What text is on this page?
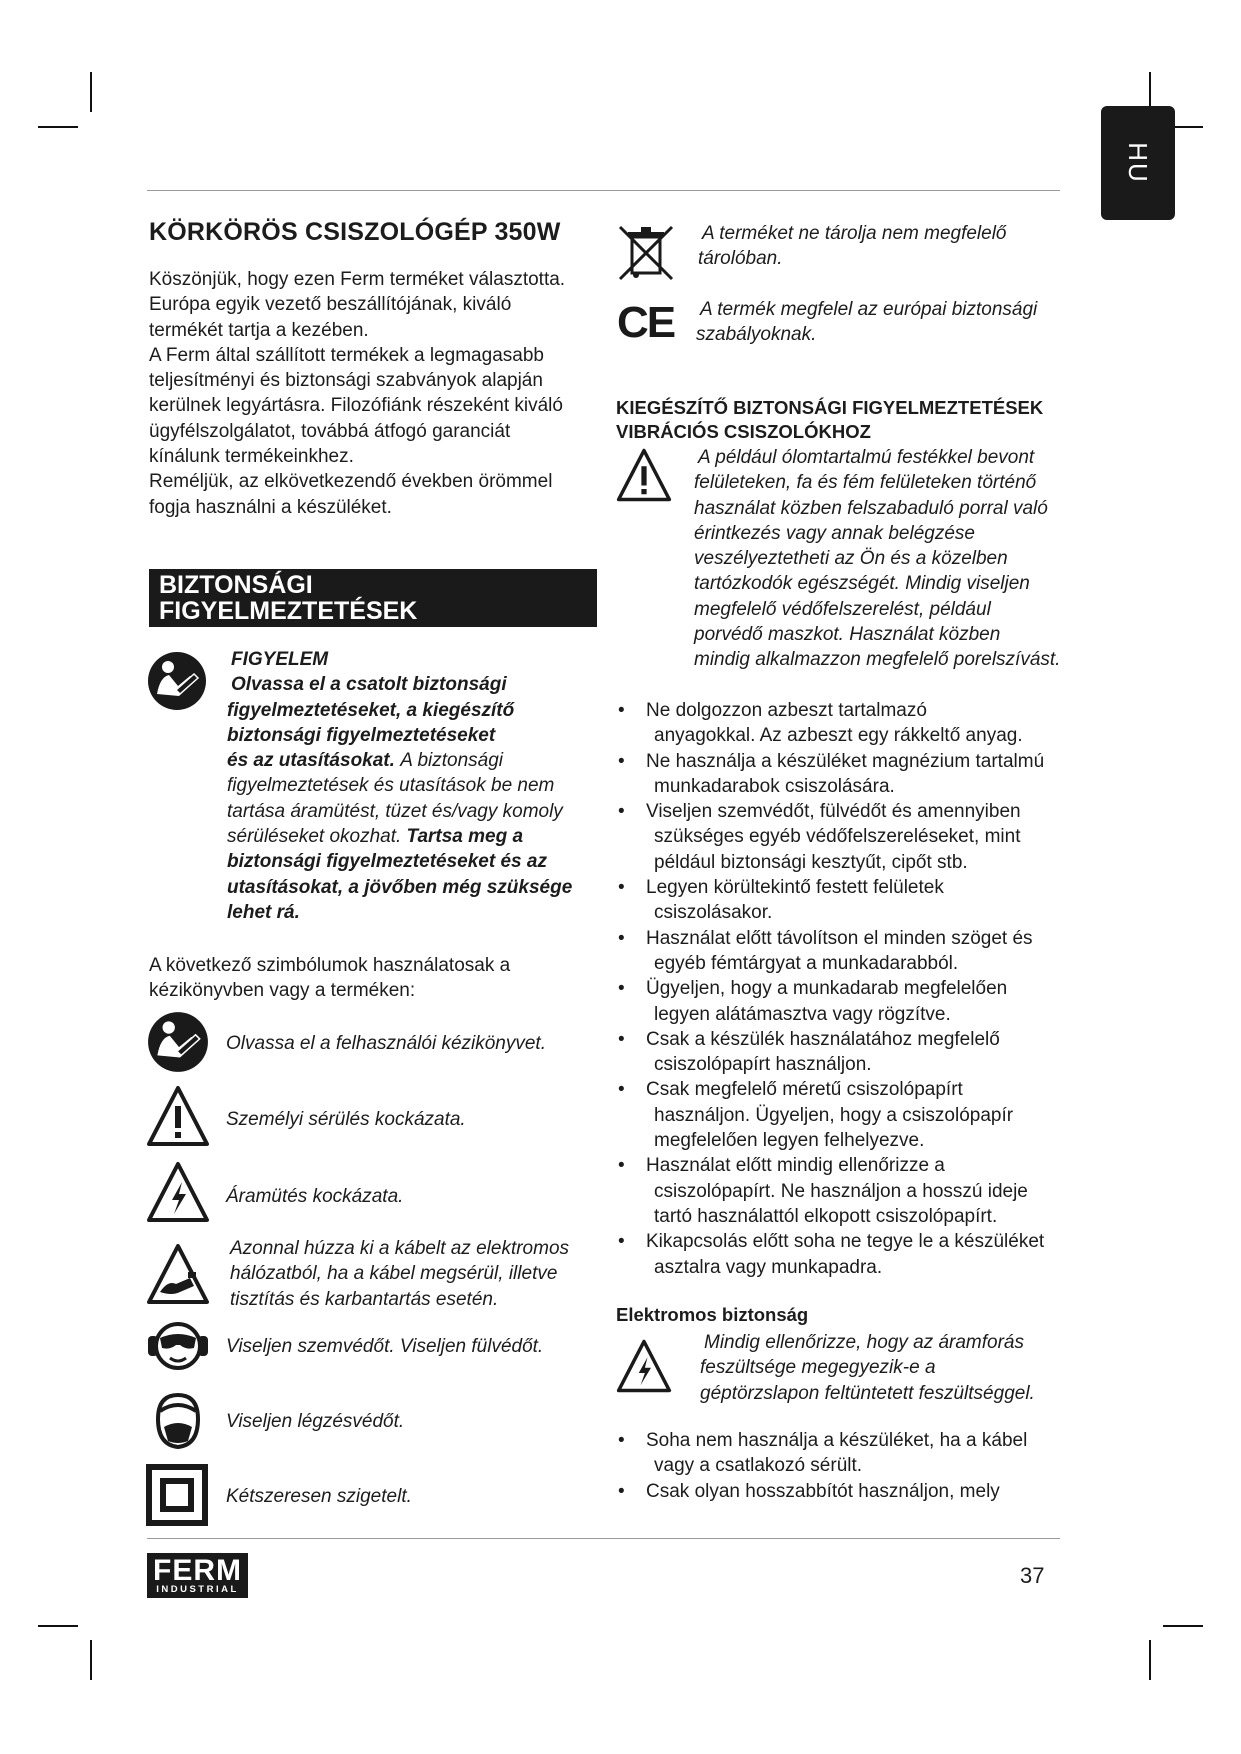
HU
KÖRKÖRÖS CSISZOLÓGÉP 350W

Köszönjük, hogy ezen Ferm terméket választotta.
Európa egyik vezető beszállítójának, kiváló
termékét tartja a kezében.
A Ferm által szállított termékek a legmagasabb
teljesítményi és biztonsági szabványok alapján
kerülnek legyártásra. Filozófiánk részeként kiváló
ügyfélszolgálatot, továbbá átfogó garanciát
kínálunk termékeinkhez.
Reméljük, az elkövetkezendő években örömmel
fogja használni a készüléket.

BIZTONSÁGI
FIGYELMEZTETÉSEK
FIGYELEM
Olvassa el a csatolt biztonsági
figyelmeztetéseket, a kiegészítő
biztonsági figyelmeztetéseket
és az utasításokat. A biztonsági
figyelmeztetések és utasítások be nem
tartása áramütést, tüzet és/vagy komoly
sérüléseket okozhat. Tartsa meg a
biztonsági figyelmeztetéseket és az
utasításokat, a jövőben még szüksége
lehet rá.

A következő szimbólumok használatosak a
kézikönyvben vagy a terméken:

Olvassa el a felhasználói kézikönyvet.
Személyi sérülés kockázata.
Áramütés kockázata.
Azonnal húzza ki a kábelt az elektromos
hálózatból, ha a kábel megsérül, illetve
tisztítás és karbantartás esetén.
Viseljen szemvédőt. Viseljen fülvédőt.
Viseljen légzésvédőt.
Kétszeresen szigetelt.
A terméket ne tárolja nem megfelelő
tárolóban.
CE A termék megfelel az európai biztonsági
szabályoknak.
KIEGÉSZÍTŐ BIZTONSÁGI FIGYELMEZTETÉSEK
VIBRÁCIÓS CSISZOLÓKHOZ
A például ólomtartalmú festékkel bevont
felületeken, fa és fém felületeken történő
használat közben felszabaduló porral való
érintkezés vagy annak belégzése
veszélyeztetheti az Ön és a közelben
tartózkodók egészségét. Mindig viseljen
megfelelő védőfelszerelést, például
porvédő maszkot. Használat közben
mindig alkalmazzon megfelelő porelszívást.
• Ne dolgozzon azbeszt tartalmazó
anyagokkal. Az azbeszt egy rákkeltő anyag.
• Ne használja a készüléket magnézium tartalmú
munkadarabok csiszolására.
• Viseljen szemvédőt, fülvédőt és amennyiben
szükséges egyéb védőfelszereléseket, mint
például biztonsági kesztyűt, cipőt stb.
• Legyen körültekintő festett felületek
csiszolásakor.
• Használat előtt távolítson el minden szöget és
egyéb fémtárgyat a munkadarabból.
• Ügyeljen, hogy a munkadarab megfelelően
legyen alátámasztva vagy rögzítve.
• Csak a készülék használatához megfelelő
csiszolópapírt használjon.
• Csak megfelelő méretű csiszolópapírt
használjon. Ügyeljen, hogy a csiszolópapír
megfelelően legyen felhelyezve.
• Használat előtt mindig ellenőrizze a
csiszolópapírt. Ne használjon a hosszú ideje
tartó használattól elkopott csiszolópapírt.
• Kikapcsolás előtt soha ne tegye le a készüléket
asztalra vagy munkapadra.
Elektromos biztonság
Mindig ellenőrizze, hogy az áramforás
feszültsége megegyezik-e a
géptörzslapon feltüntetett feszültséggel.
• Soha nem használja a készüléket, ha a kábel
vagy a csatlakozó sérült.
• Csak olyan hosszabbítót használjon, mely
FERM
INDUSTRIAL
37
